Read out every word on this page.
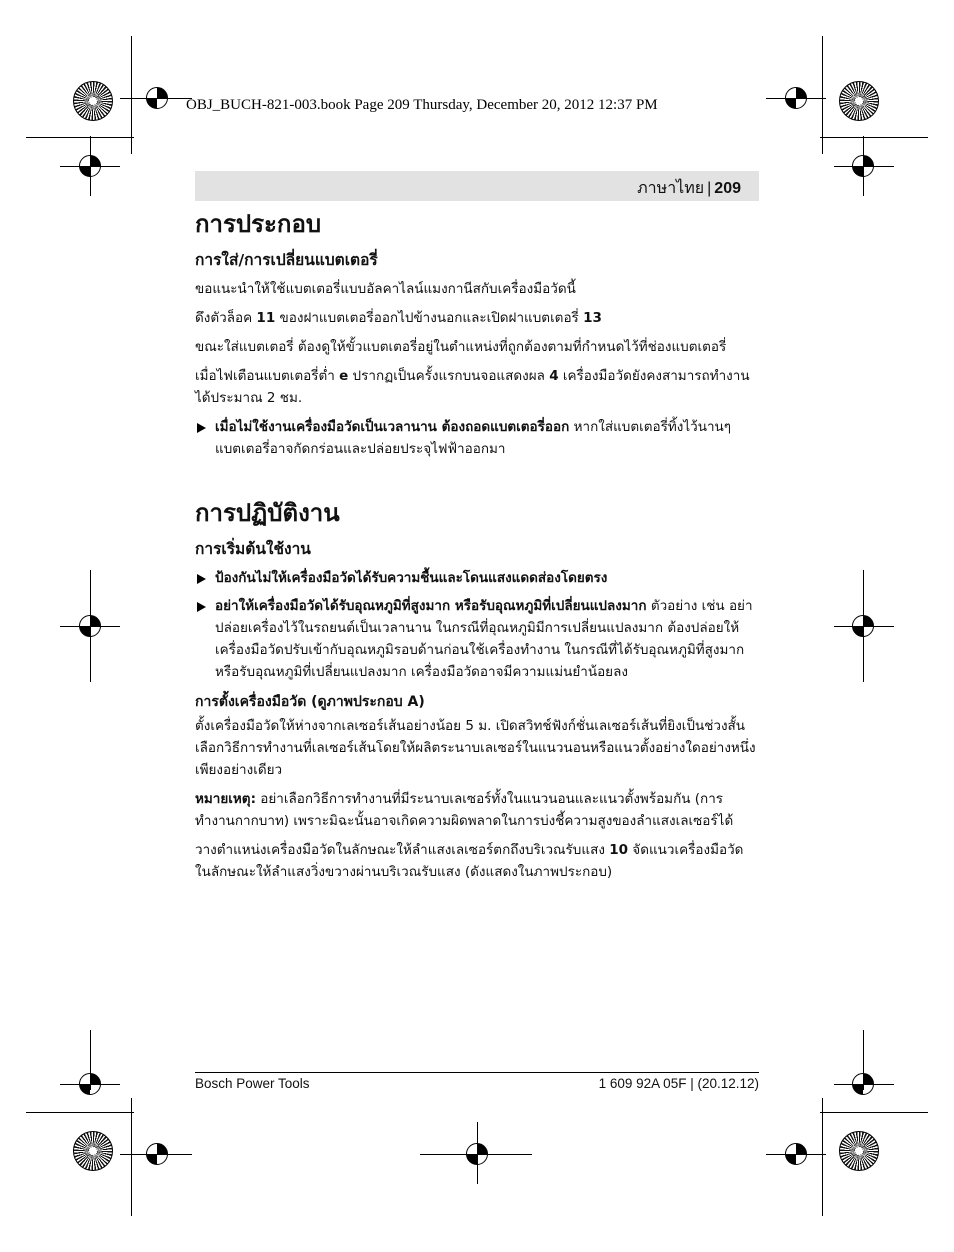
OBJ_BUCH-821-003.book Page 209 Thursday, December 20, 2012 12:37 PM
ภาษาไทย | 209
การประกอบ
การใส่/การเปลี่ยนแบตเตอรี่

ขอแนะนำให้ใช้แบตเตอรี่แบบอัลคาไลน์แมงกานีสกับเครื่องมือวัดนี้

ดึงตัวล็อค 11 ของฝาแบตเตอรี่ออกไปข้างนอกและเปิดฝาแบตเตอรี่ 13

ขณะใส่แบตเตอรี่ ต้องดูให้ขั้วแบตเตอรี่อยู่ในตำแหน่งที่ถูกต้องตามที่กำหนดไว้ที่ช่องแบตเตอรี่

เมื่อไฟเตือนแบตเตอรี่ต่ำ e ปรากฏเป็นครั้งแรกบนจอแสดงผล 4 เครื่องมือวัดยังคงสามารถทำงานได้ประมาณ 2 ชม.

เมื่อไม่ใช้งานเครื่องมือวัดเป็นเวลานาน ต้องถอดแบตเตอรี่ออก หากใส่แบตเตอรี่ทิ้งไว้นานๆ แบตเตอรี่อาจกัดกร่อนและปล่อยประจุไฟฟ้าออกมา
การปฏิบัติงาน
การเริ่มต้นใช้งาน
ป้องกันไม่ให้เครื่องมือวัดได้รับความชื้นและโดนแสงแดดส่องโดยตรง
อย่าให้เครื่องมือวัดได้รับอุณหภูมิที่สูงมาก หรือรับอุณหภูมิที่เปลี่ยนแปลงมาก ตัวอย่าง เช่น อย่าปล่อยเครื่องไว้ในรถยนต์เป็นเวลานาน ในกรณีที่อุณหภูมิมีการเปลี่ยนแปลงมาก ต้องปล่อยให้เครื่องมือวัดปรับเข้ากับอุณหภูมิรอบด้านก่อนใช้เครื่องทำงาน ในกรณีที่ได้รับอุณหภูมิที่สูงมาก หรือรับอุณหภูมิที่เปลี่ยนแปลงมาก เครื่องมือวัดอาจมีความแม่นยำน้อยลง
การตั้งเครื่องมือวัด (ดูภาพประกอบ A)

ตั้งเครื่องมือวัดให้ห่างจากเลเซอร์เส้นอย่างน้อย 5 ม. เปิดสวิทช์ฟังก์ชั่นเลเซอร์เส้นที่ยิงเป็นช่วงสั้น เลือกวิธีการทำงานที่เลเซอร์เส้นโดยให้ผลิตระนาบเลเซอร์ในแนวนอนหรือแนวตั้งอย่างใดอย่างหนึ่งเพียงอย่างเดียว

หมายเหตุ: อย่าเลือกวิธีการทำงานที่มีระนาบเลเซอร์ทั้งในแนวนอนและแนวตั้งพร้อมกัน (การทำงานกากบาท) เพราะมิฉะนั้นอาจเกิดความผิดพลาดในการบ่งชี้ความสูงของลำแสงเลเซอร์ได้

วางตำแหน่งเครื่องมือวัดในลักษณะให้ลำแสงเลเซอร์ตกถึงบริเวณรับแสง 10 จัดแนวเครื่องมือวัดในลักษณะให้ลำแสงวิ่งขวางผ่านบริเวณรับแสง (ดังแสดงในภาพประกอบ)

Bosch Power Tools	1 609 92A 05F | (20.12.12)
